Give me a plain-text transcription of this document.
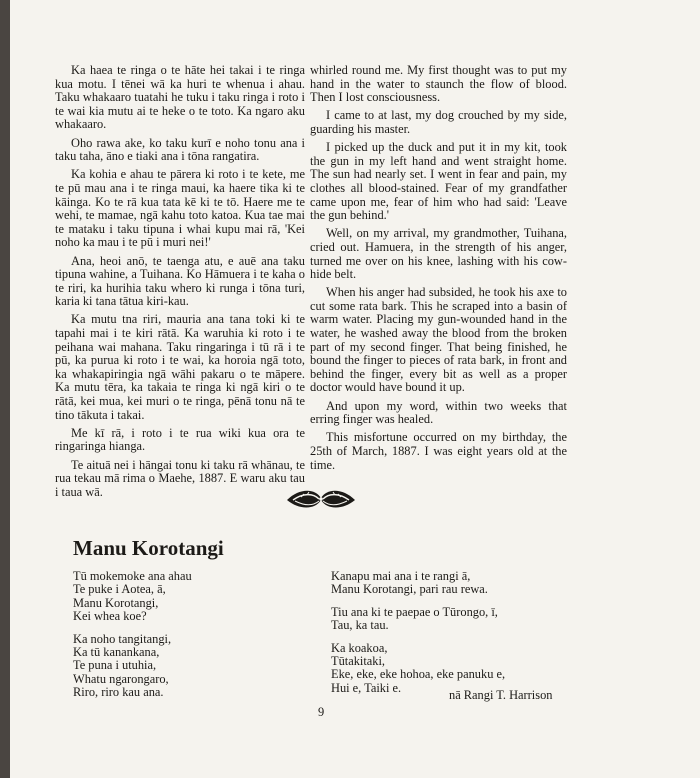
Ka haea te ringa o te hāte hei takai i te ringa kua motu. I tēnei wā ka huri te whenua i ahau. Taku whakaaro tuatahi he tuku i taku ringa i roto i te wai kia mutu ai te heke o te toto. Ka ngaro aku whakaaro.

Oho rawa ake, ko taku kurī e noho tonu ana i taku taha, āno e tiaki ana i tōna rangatira.

Ka kohia e ahau te pārera ki roto i te kete, me te pū mau ana i te ringa maui, ka haere tika ki te kāinga. Ko te rā kua tata kē ki te tō. Haere me te wehi, te mamae, ngā kahu toto katoa. Kua tae mai te mataku i taku tipuna i whai kupu mai rā, 'Kei noho ka mau i te pū i muri nei!'

Ana, heoi anō, te taenga atu, e auē ana taku tipuna wahine, a Tuihana. Ko Hāmuera i te kaha o te riri, ka hurihia taku whero ki runga i tōna turi, karia ki tana tātua kiri-kau.

Ka mutu tna riri, mauria ana tana toki ki te tapahi mai i te kiri rātā. Ka waruhia ki roto i te peihana wai mahana. Taku ringaringa i tū rā i te pū, ka purua ki roto i te wai, ka horoia ngā toto, ka whakapiringia ngā wāhi pakaru o te māpere. Ka mutu tēra, ka takaia te ringa ki ngā kiri o te rātā, kei mua, kei muri o te ringa, pēnā tonu nā te tino tākuta i takai.

Me kī rā, i roto i te rua wiki kua ora te ringaringa hianga.

Te aituā nei i hāngai tonu ki taku rā whānau, te rua tekau mā rima o Maehe, 1887. E waru aku tau i taua wā.

whirled round me. My first thought was to put my hand in the water to staunch the flow of blood. Then I lost consciousness.

I came to at last, my dog crouched by my side, guarding his master.

I picked up the duck and put it in my kit, took the gun in my left hand and went straight home. The sun had nearly set. I went in fear and pain, my clothes all blood-stained. Fear of my grandfather came upon me, fear of him who had said: 'Leave the gun behind.'

Well, on my arrival, my grandmother, Tuihana, cried out. Hamuera, in the strength of his anger, turned me over on his knee, lashing with his cow-hide belt.

When his anger had subsided, he took his axe to cut some rata bark. This he scraped into a basin of warm water. Placing my gun-wounded hand in the water, he washed away the blood from the broken part of my second finger. That being finished, he bound the finger to pieces of rata bark, in front and behind the finger, every bit as well as a proper doctor would have bound it up.

And upon my word, within two weeks that erring finger was healed.

This misfortune occurred on my birthday, the 25th of March, 1887. I was eight years old at the time.

Manu Korotangi
Tū mokemoke ana ahau
Te puke i Aotea, ā,
Manu Korotangi,
Kei whea koe?
Ka noho tangitangi,
Ka tū kanankana,
Te puna i utuhia,
Whatu ngarongaro,
Riro, riro kau ana.
Kanapu mai ana i te rangi ā,
Manu Korotangi, pari rau rewa.
Tiu ana ki te paepae o Tūrongo, ī,
Tau, ka tau.
Ka koakoa,
Tūtakitaki,
Eke, eke, eke hohoa, eke panuku e,
Hui e, Taiki e.
nā Rangi T. Harrison
9
